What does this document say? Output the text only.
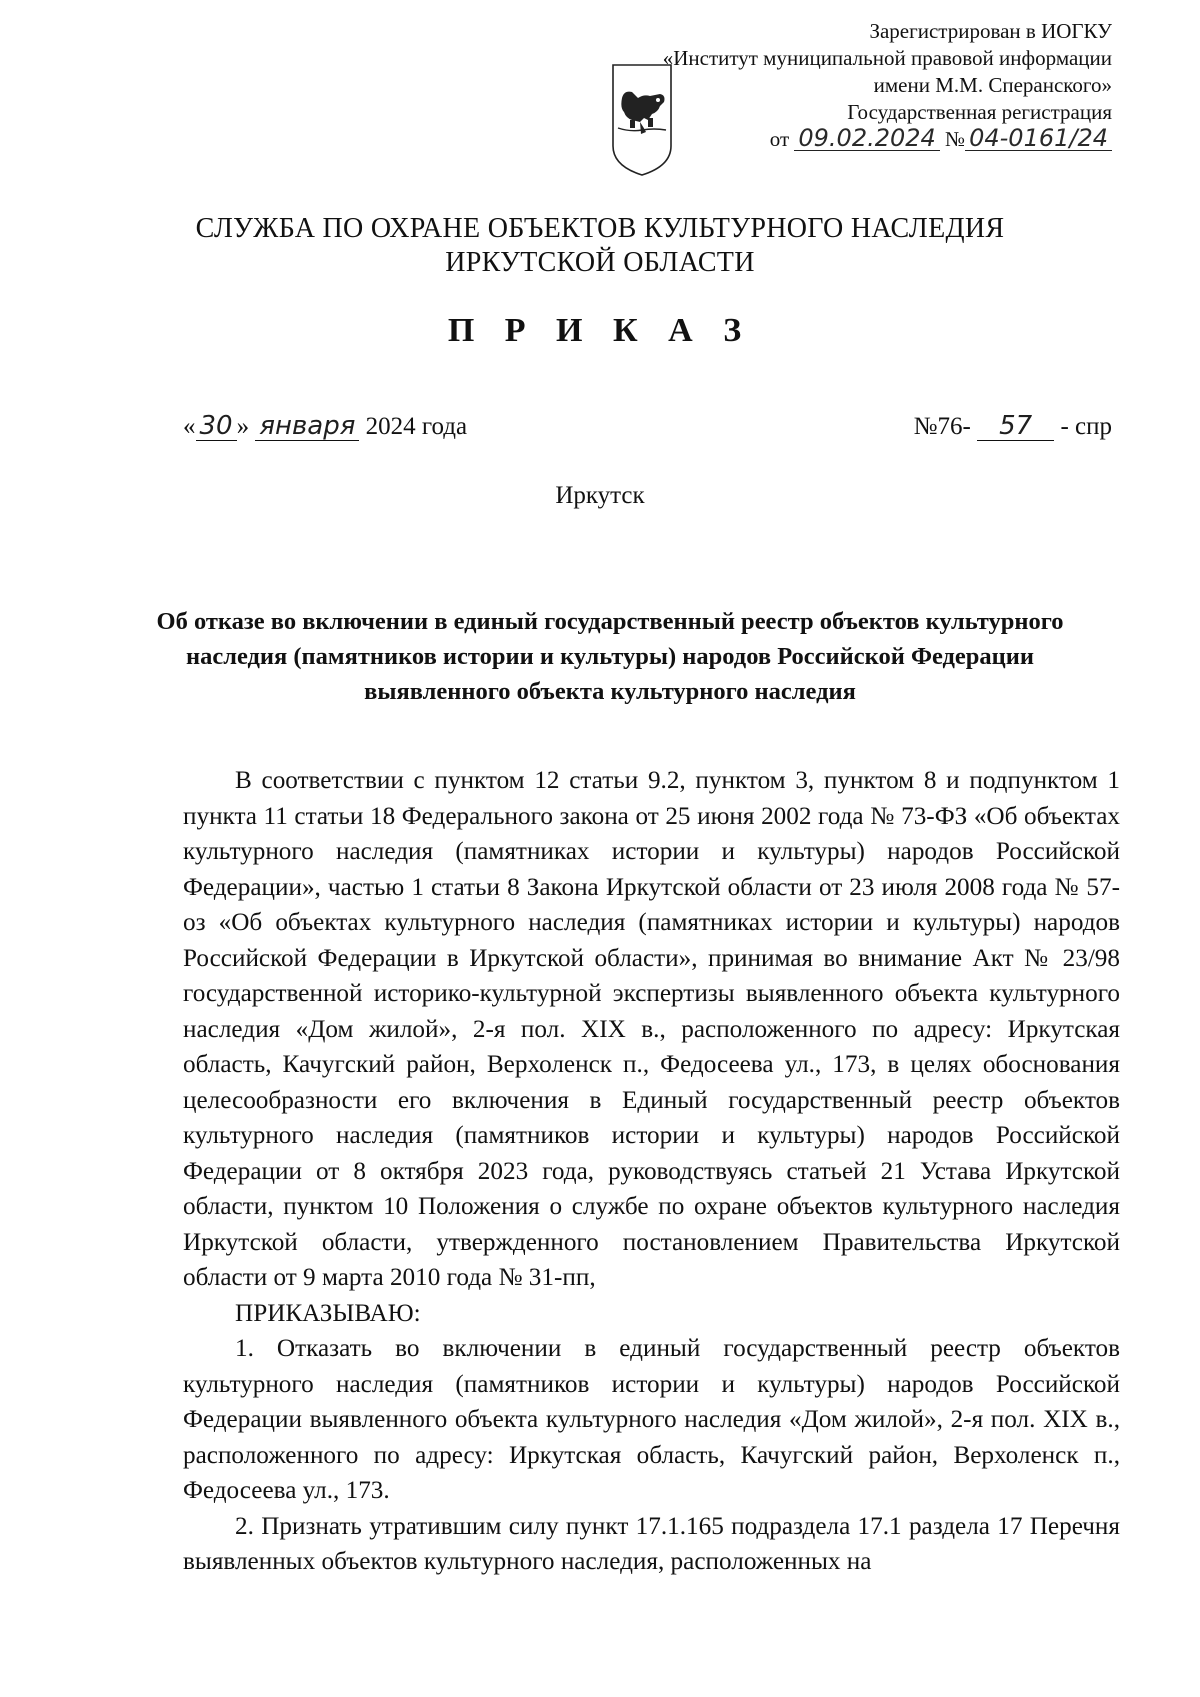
Зарегистрирован в ИОГКУ
«Институт муниципальной правовой информации
имени М.М. Сперанского»
Государственная регистрация
от 09.02.2024 № 04-0161/24
СЛУЖБА ПО ОХРАНЕ ОБЪЕКТОВ КУЛЬТУРНОГО НАСЛЕДИЯ
ИРКУТСКОЙ ОБЛАСТИ
П Р И К А З
« 30 » января 2024 года	№76- 57 - спр
Иркутск
Об отказе во включении в единый государственный реестр объектов культурного наследия (памятников истории и культуры) народов Российской Федерации выявленного объекта культурного наследия

В соответствии с пунктом 12 статьи 9.2, пунктом 3, пунктом 8 и подпунктом 1 пункта 11 статьи 18 Федерального закона от 25 июня 2002 года № 73-ФЗ «Об объектах культурного наследия (памятниках истории и культуры) народов Российской Федерации», частью 1 статьи 8 Закона Иркутской области от 23 июля 2008 года № 57-оз «Об объектах культурного наследия (памятниках истории и культуры) народов Российской Федерации в Иркутской области», принимая во внимание Акт № 23/98 государственной историко-культурной экспертизы выявленного объекта культурного наследия «Дом жилой», 2-я пол. XIX в., расположенного по адресу: Иркутская область, Качугский район, Верхоленск п., Федосеева ул., 173, в целях обоснования целесообразности его включения в Единый государственный реестр объектов культурного наследия (памятников истории и культуры) народов Российской Федерации от 8 октября 2023 года, руководствуясь статьей 21 Устава Иркутской области, пунктом 10 Положения о службе по охране объектов культурного наследия Иркутской области, утвержденного постановлением Правительства Иркутской области от 9 марта 2010 года № 31-пп,

ПРИКАЗЫВАЮ:

1. Отказать во включении в единый государственный реестр объектов культурного наследия (памятников истории и культуры) народов Российской Федерации выявленного объекта культурного наследия «Дом жилой», 2-я пол. XIX в., расположенного по адресу: Иркутская область, Качугский район, Верхоленск п., Федосеева ул., 173.

2. Признать утратившим силу пункт 17.1.165 подраздела 17.1 раздела 17 Перечня выявленных объектов культурного наследия, расположенных на
